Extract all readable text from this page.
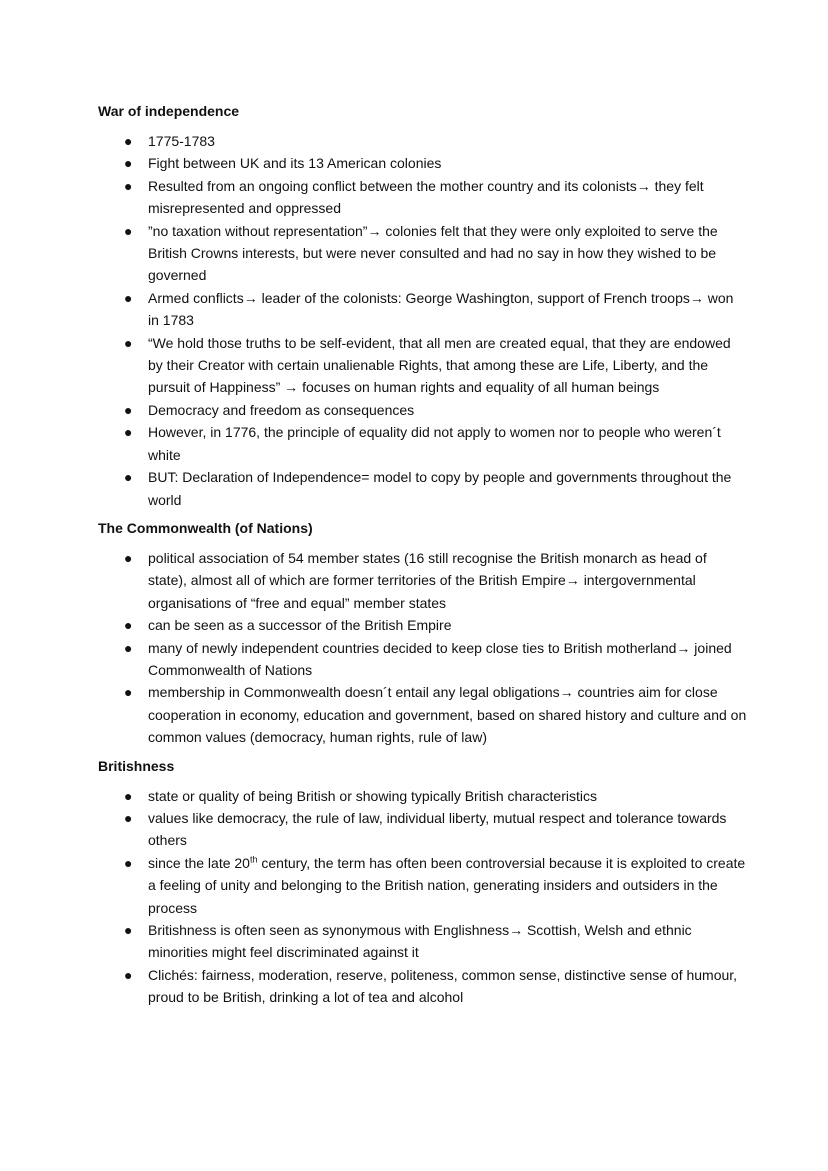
War of independence
● 1775-1783
● Fight between UK and its 13 American colonies
● Resulted from an ongoing conflict between the mother country and its colonists→ they felt misrepresented and oppressed
● ”no taxation without representation”→ colonies felt that they were only exploited to serve the British Crowns interests, but were never consulted and had no say in how they wished to be governed
● Armed conflicts→ leader of the colonists: George Washington, support of French troops→ won in 1783
● “We hold those truths to be self-evident, that all men are created equal, that they are endowed by their Creator with certain unalienable Rights, that among these are Life, Liberty, and the pursuit of Happiness” → focuses on human rights and equality of all human beings
● Democracy and freedom as consequences
● However, in 1776, the principle of equality did not apply to women nor to people who weren´t white
● BUT: Declaration of Independence= model to copy by people and governments throughout the world
The Commonwealth (of Nations)
● political association of 54 member states (16 still recognise the British monarch as head of state), almost all of which are former territories of the British Empire→ intergovernmental organisations of “free and equal” member states
● can be seen as a successor of the British Empire
● many of newly independent countries decided to keep close ties to British motherland→ joined Commonwealth of Nations
● membership in Commonwealth doesn´t entail any legal obligations→ countries aim for close cooperation in economy, education and government, based on shared history and culture and on common values (democracy, human rights, rule of law)
Britishness
● state or quality of being British or showing typically British characteristics
● values like democracy, the rule of law, individual liberty, mutual respect and tolerance towards others
● since the late 20th century, the term has often been controversial because it is exploited to create a feeling of unity and belonging to the British nation, generating insiders and outsiders in the process
● Britishness is often seen as synonymous with Englishness→ Scottish, Welsh and ethnic minorities might feel discriminated against it
● Clichés: fairness, moderation, reserve, politeness, common sense, distinctive sense of humour, proud to be British, drinking a lot of tea and alcohol
